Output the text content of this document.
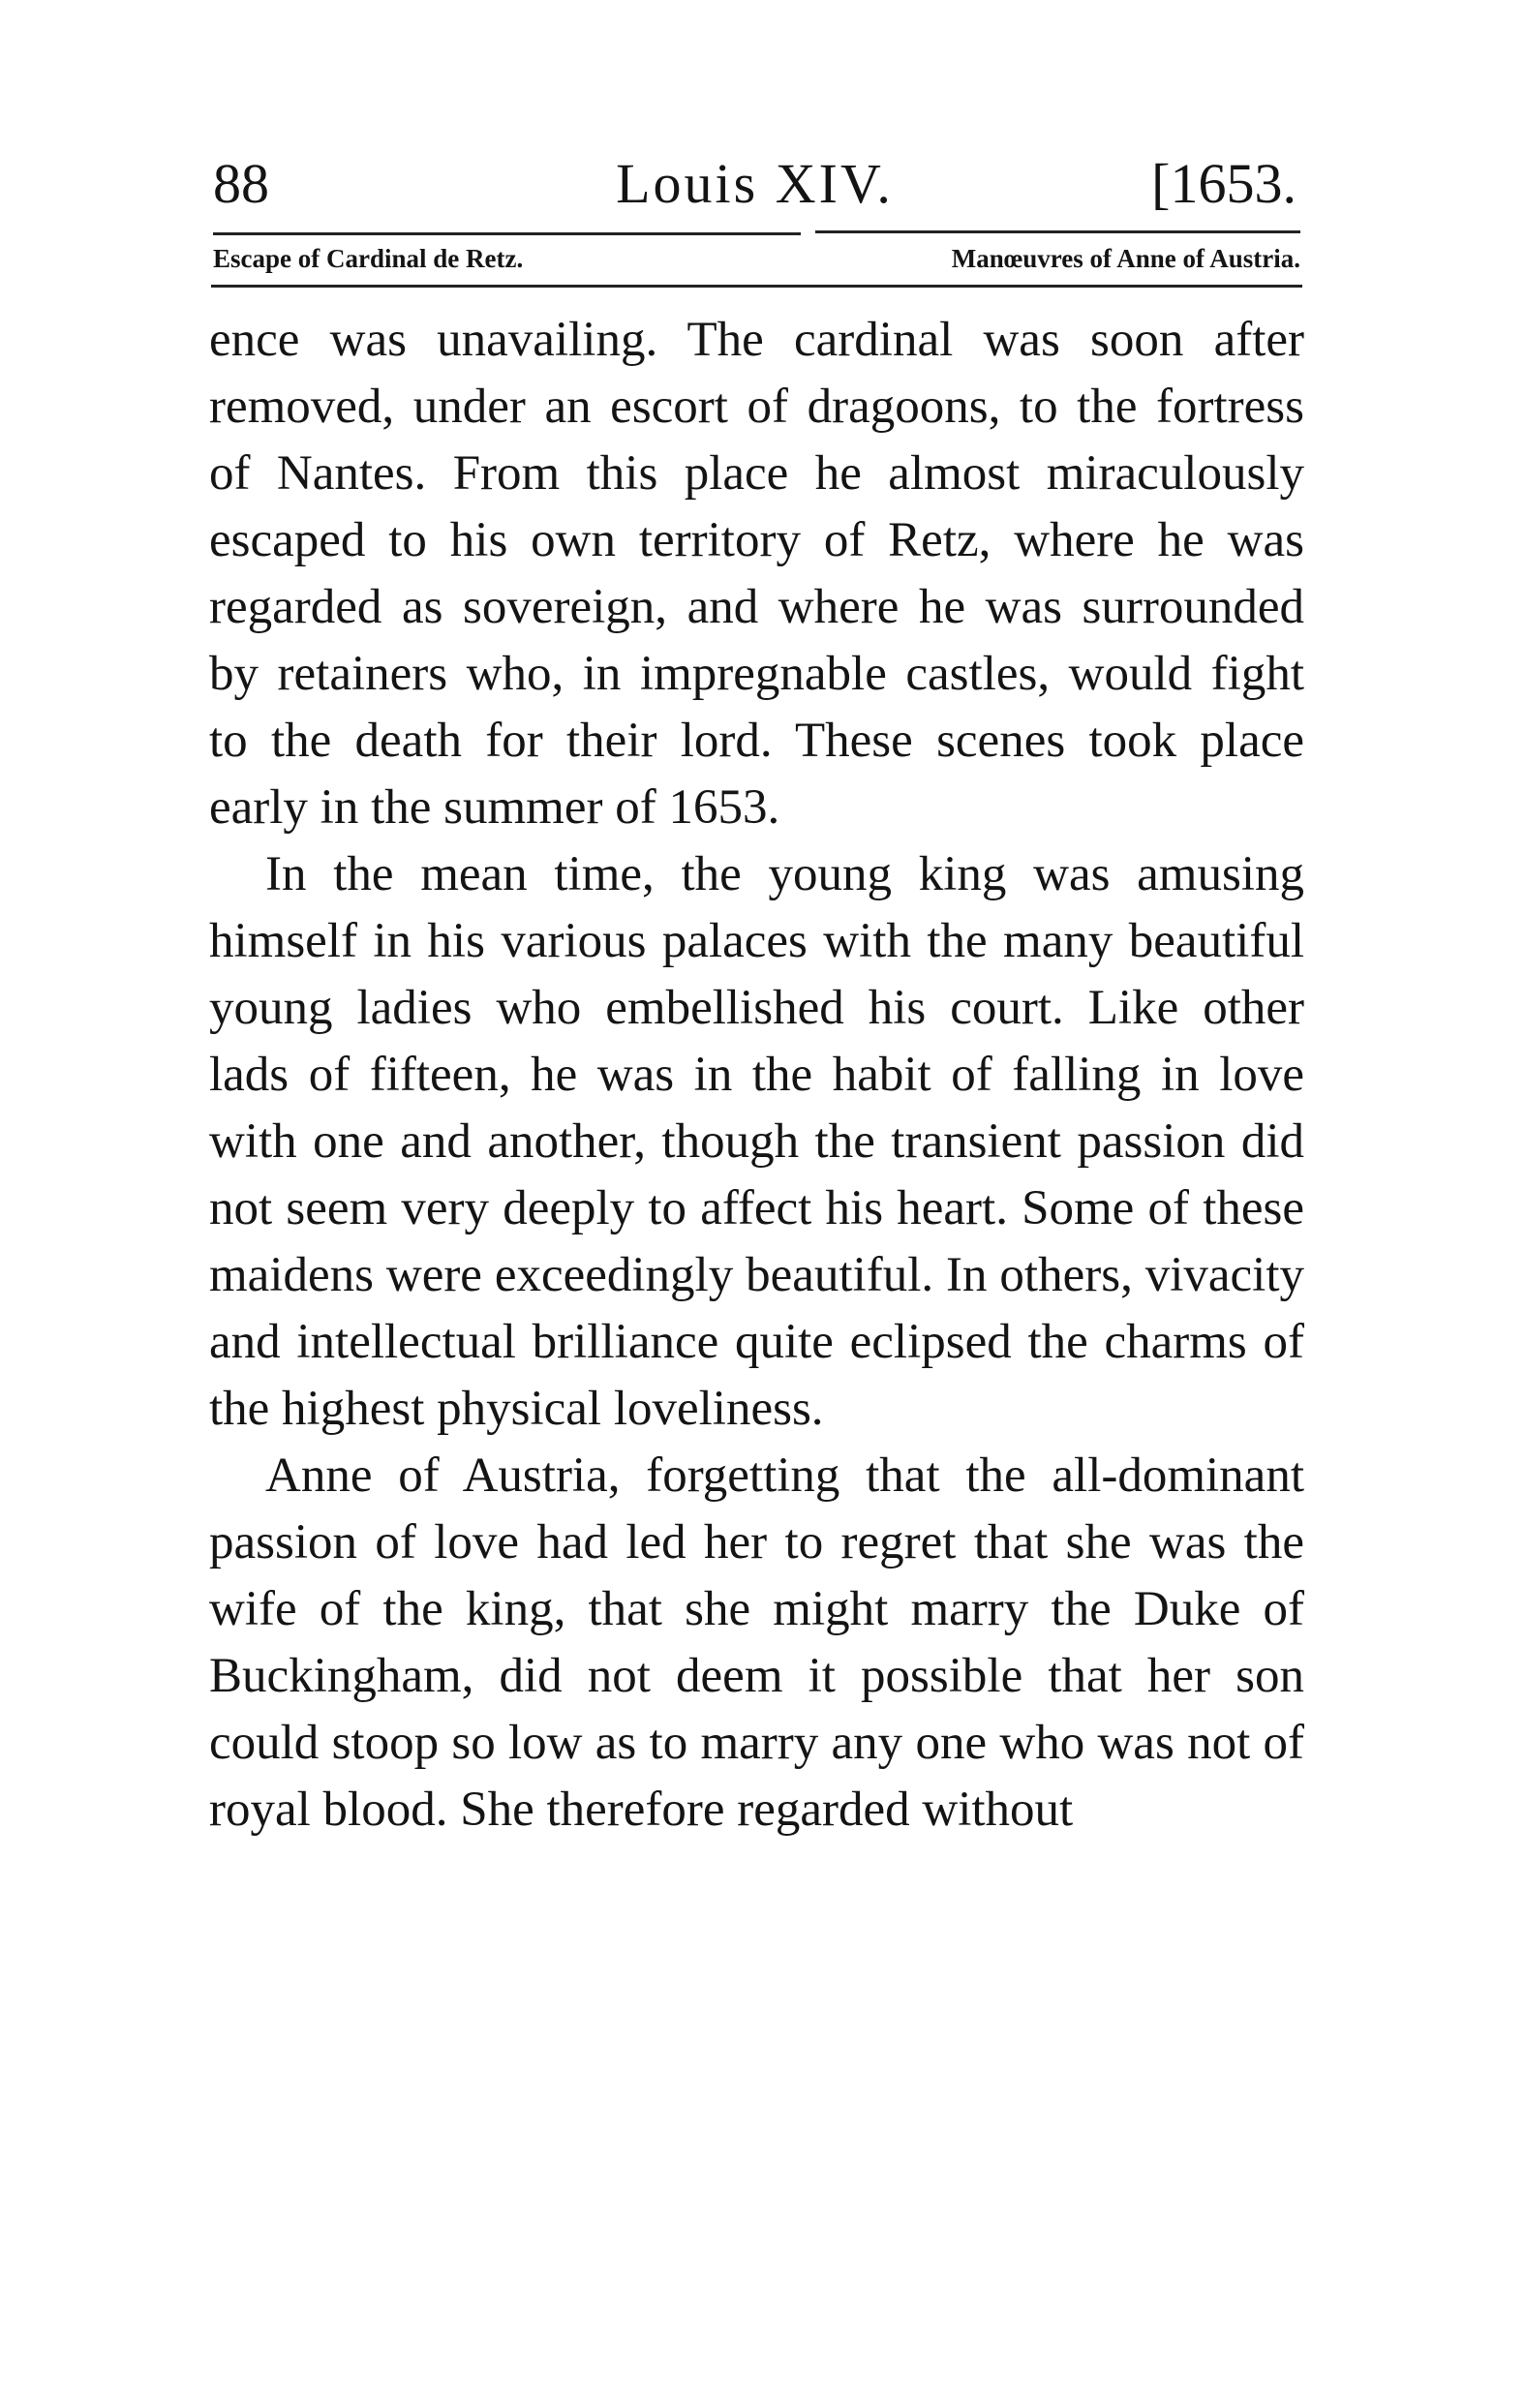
88	Louis XIV.	[1653.
Escape of Cardinal de Retz.	Manœuvres of Anne of Austria.

ence was unavailing. The cardinal was soon after removed, under an escort of dragoons, to the fortress of Nantes. From this place he almost miraculously escaped to his own territory of Retz, where he was regarded as sovereign, and where he was surrounded by retainers who, in impregnable castles, would fight to the death for their lord. These scenes took place early in the summer of 1653.

In the mean time, the young king was amusing himself in his various palaces with the many beautiful young ladies who embellished his court. Like other lads of fifteen, he was in the habit of falling in love with one and another, though the transient passion did not seem very deeply to affect his heart. Some of these maidens were exceedingly beautiful. In others, vivacity and intellectual brilliance quite eclipsed the charms of the highest physical loveliness.

Anne of Austria, forgetting that the all-dominant passion of love had led her to regret that she was the wife of the king, that she might marry the Duke of Buckingham, did not deem it possible that her son could stoop so low as to marry any one who was not of royal blood. She therefore regarded without
